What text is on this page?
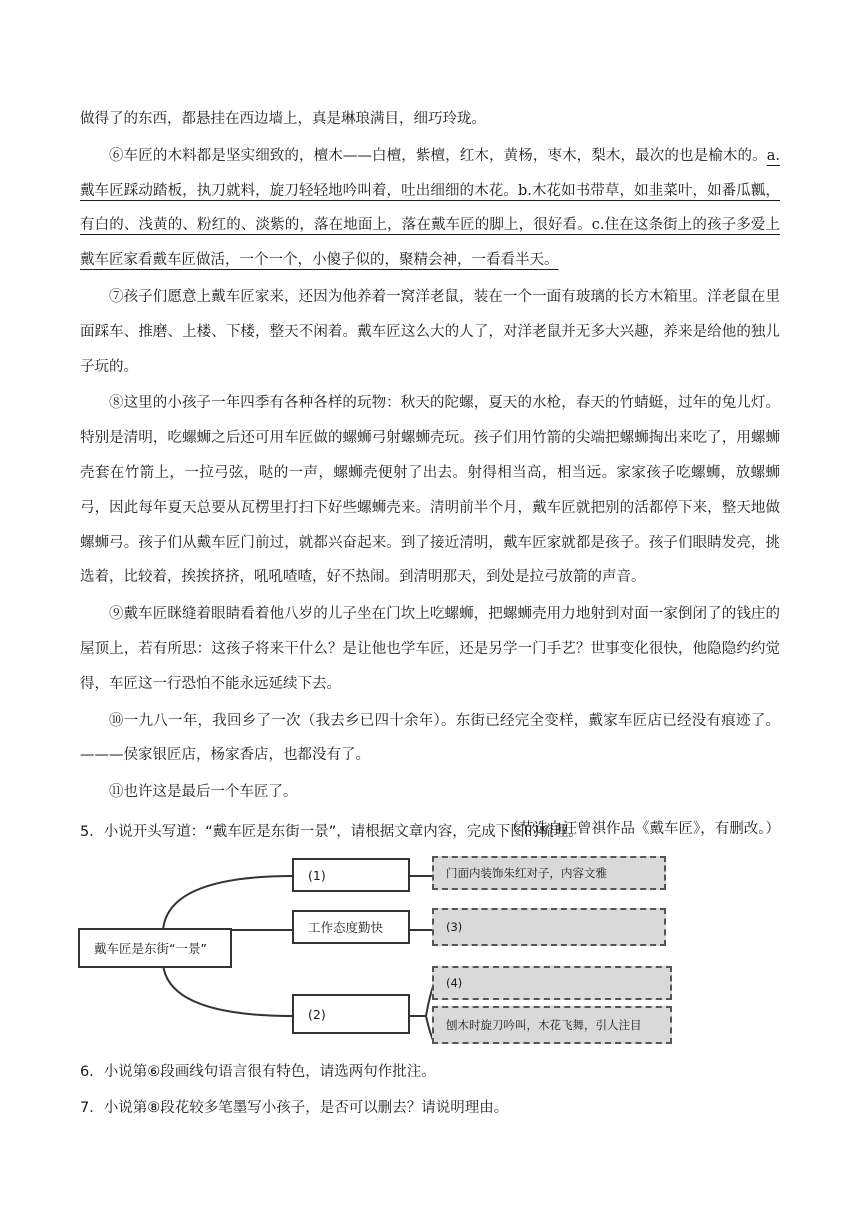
做得了的东西，都悬挂在西边墙上，真是琳琅满目，细巧玲珑。

⑥车匠的木料都是坚实细致的，檀木——白檀，紫檀，红木，黄杨，枣木，梨木，最次的也是榆木的。a.戴车匠踩动踏板，执刀就料，旋刀轻轻地吟叫着，吐出细细的木花。b.木花如书带草，如韭菜叶，如番瓜瓤，有白的、浅黄的、粉红的、淡紫的，落在地面上，落在戴车匠的脚上，很好看。c.住在这条街上的孩子多爱上戴车匠家看戴车匠做活，一个一个，小傻子似的，聚精会神，一看看半天。

⑦孩子们愿意上戴车匠家来，还因为他养着一窝洋老鼠，装在一个一面有玻璃的长方木箱里。洋老鼠在里面踩车、推磨、上楼、下楼，整天不闲着。戴车匠这么大的人了，对洋老鼠并无多大兴趣，养来是给他的独儿子玩的。

⑧这里的小孩子一年四季有各种各样的玩物：秋天的陀螺，夏天的水枪，春天的竹蜻蜓，过年的兔儿灯。特别是清明，吃螺蛳之后还可用车匠做的螺蛳弓射螺蛳壳玩。孩子们用竹箭的尖端把螺蛳掏出来吃了，用螺蛳壳套在竹箭上，一拉弓弦，哒的一声，螺蛳壳便射了出去。射得相当高，相当远。家家孩子吃螺蛳，放螺蛳弓，因此每年夏天总要从瓦楞里打扫下好些螺蛳壳来。清明前半个月，戴车匠就把别的活都停下来，整天地做螺蛳弓。孩子们从戴车匠门前过，就都兴奋起来。到了接近清明，戴车匠家就都是孩子。孩子们眼睛发亮，挑选着，比较着，挨挨挤挤，吼吼喳喳，好不热闹。到清明那天，到处是拉弓放箭的声音。

⑨戴车匠眯缝着眼睛看着他八岁的儿子坐在门坎上吃螺蛳，把螺蛳壳用力地射到对面一家倒闭了的钱庄的屋顶上，若有所思：这孩子将来干什么？是让他也学车匠，还是另学一门手艺？世事变化很快，他隐隐约约觉得，车匠这一行恐怕不能永远延续下去。

⑩一九八一年，我回乡了一次（我去乡已四十余年）。东街已经完全变样，戴家车匠店已经没有痕迹了。———侯家银匠店，杨家香店，也都没有了。

⑪也许这是最后一个车匠了。

（节选自汪曾祺作品《戴车匠》，有删改。）

5．小说开头写道：“戴车匠是东街一景”，请根据文章内容，完成下图的梳理。
戴车匠是东街“一景”
(1)
工作态度勤快
(2)
门面内装饰朱红对子，内容文雅
(3)
(4)
刨木时旋刀吟叫，木花飞舞，引人注目
6．小说第⑥段画线句语言很有特色，请选两句作批注。
7．小说第⑧段花较多笔墨写小孩子，是否可以删去？请说明理由。
